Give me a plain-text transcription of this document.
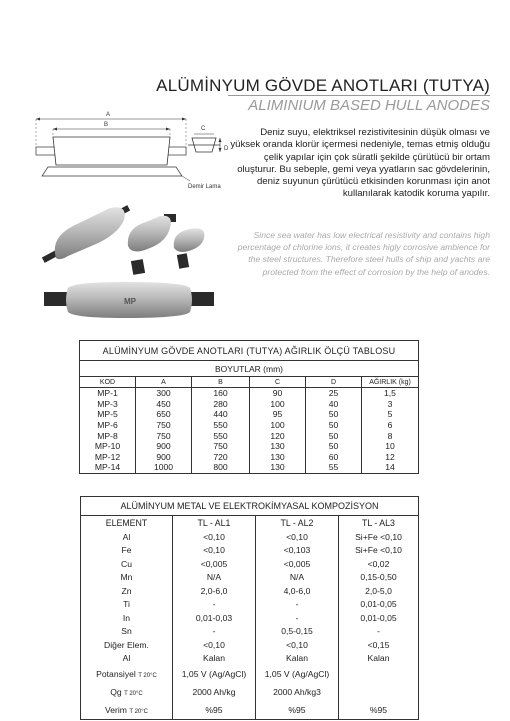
A
B
Demir Lama
C
D
MP
ALÜMİNYUM GÖVDE ANOTLARI (TUTYA)
ALIMINIUM BASED HULL ANODES
Deniz suyu, elektriksel rezistivitesinin düşük olması ve yüksek oranda klorür içermesi nedeniyle, temas etmiş olduğu çelik yapılar için çok süratli şekilde çürütücü bir ortam oluşturur. Bu sebeple, gemi veya yyatların sac gövdelerinin, deniz suyunun çürütücü etkisinden korunması için anot kullanılarak katodik koruma yapılır.
Since sea water has low electrical resistivity and contains high percentage of chlorine ions, it creates higly corrosive ambience for the steel structures. Therefore steel hulls of ship and yachts are protected from the effect of corrosion by the help of anodes.
ALÜMİNYUM GÖVDE ANOTLARI (TUTYA) AĞIRLIK ÖLÇÜ TABLOSU					
BOYUTLAR (mm)					
KOD	A	B	C	D	AĞIRLIK (kg)
MP-1	300	160	90	25	1,5
MP-3	450	280	100	40	3
MP-5	650	440	95	50	5
MP-6	750	550	100	50	6
MP-8	750	550	120	50	8
MP-10	900	750	130	50	10
MP-12	900	720	130	60	12
MP-14	1000	800	130	55	14
ALÜMİNYUM METAL VE ELEKTROKİMYASAL KOMPOZİSYON			
ELEMENT	TL - AL1	TL - AL2	TL - AL3
Al	<0,10	<0,10	Si+Fe <0,10
Fe	<0,10	<0,103	Si+Fe <0,10
Cu	<0,005	<0,005	<0,02
Mn	N/A	N/A	0,15-0,50
Zn	2,0-6,0	4,0-6,0	2,0-5,0
Ti	-	-	0,01-0,05
In	0,01-0,03	-	0,01-0,05
Sn	-	0,5-0,15	-
Diğer Elem.	<0,10	<0,10	<0,15
Al	Kalan	Kalan	Kalan
Potansiyel T 20°C	1,05 V (Ag/AgCl)	1,05 V (Ag/AgCl)	
Qg T 20°C	2000 Ah/kg	2000 Ah/kg3	
Verim T 20°C	%95	%95	%95
